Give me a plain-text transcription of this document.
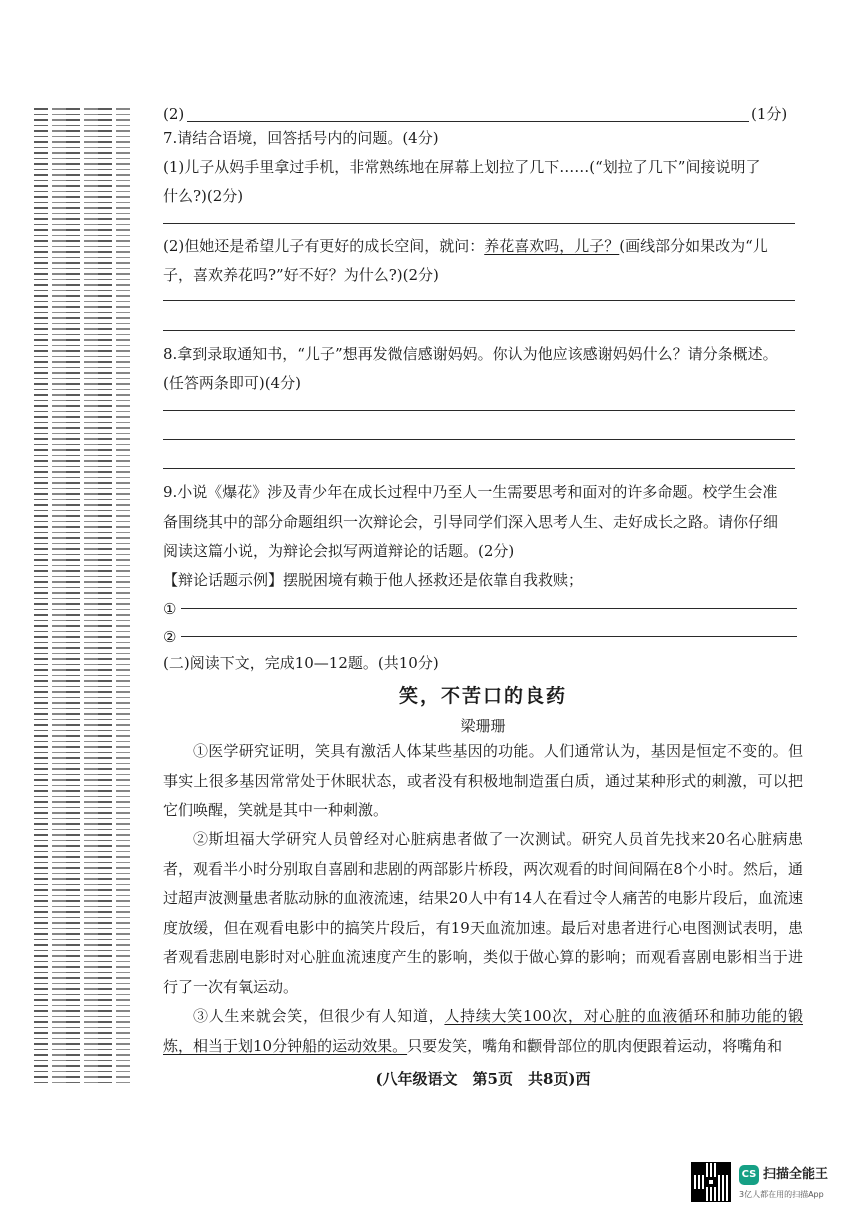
(2)	(1分)
7.请结合语境，回答括号内的问题。(4分)
(1)儿子从妈手里拿过手机，非常熟练地在屏幕上划拉了几下……(“划拉了几下”间接说明了
什么?)(2分)
(2)但她还是希望儿子有更好的成长空间，就问：养花喜欢吗，儿子？(画线部分如果改为“儿
子，喜欢养花吗?”好不好？为什么?)(2分)
8.拿到录取通知书，“儿子”想再发微信感谢妈妈。你认为他应该感谢妈妈什么？请分条概述。
(任答两条即可)(4分)
9.小说《爆花》涉及青少年在成长过程中乃至人一生需要思考和面对的许多命题。校学生会准
备围绕其中的部分命题组织一次辩论会，引导同学们深入思考人生、走好成长之路。请你仔细
阅读这篇小说，为辩论会拟写两道辩论的话题。(2分)
【辩论话题示例】摆脱困境有赖于他人拯救还是依靠自我救赎；
①
②
(二)阅读下文，完成10—12题。(共10分)
笑，不苦口的良药
梁珊珊
①医学研究证明，笑具有激活人体某些基因的功能。人们通常认为，基因是恒定不变的。但事实上很多基因常常处于休眠状态，或者没有积极地制造蛋白质，通过某种形式的刺激，可以把它们唤醒，笑就是其中一种刺激。
②斯坦福大学研究人员曾经对心脏病患者做了一次测试。研究人员首先找来20名心脏病患者，观看半小时分别取自喜剧和悲剧的两部影片桥段，两次观看的时间间隔在8个小时。然后，通过超声波测量患者肱动脉的血液流速，结果20人中有14人在看过令人痛苦的电影片段后，血流速度放缓，但在观看电影中的搞笑片段后，有19天血流加速。最后对患者进行心电图测试表明，患者观看悲剧电影时对心脏血流速度产生的影响，类似于做心算的影响；而观看喜剧电影相当于进行了一次有氧运动。
③人生来就会笑，但很少有人知道，人持续大笑100次，对心脏的血液循环和肺功能的锻炼，相当于划10分钟船的运动效果。只要发笑，嘴角和颧骨部位的肌肉便跟着运动，将嘴角和
(八年级语文　第5页　共8页)西
CS 扫描全能王
3亿人都在用的扫描App
